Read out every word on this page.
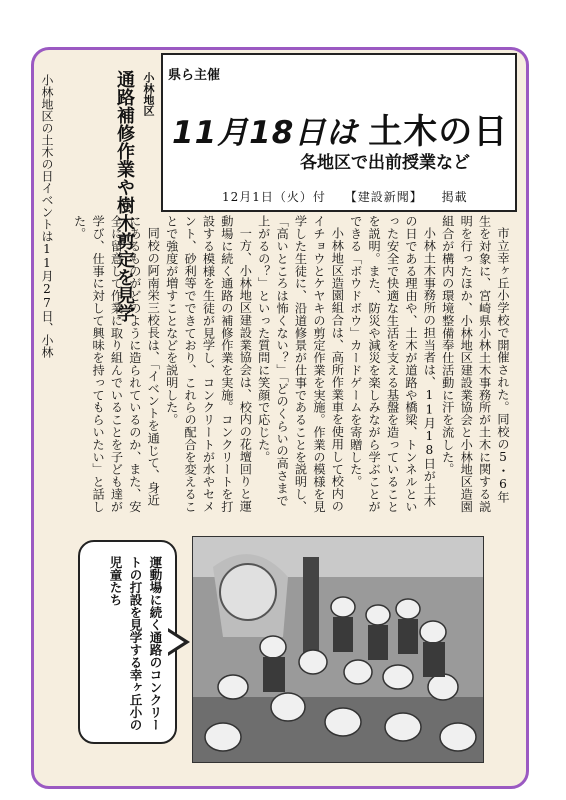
小林地区
通路補修作業や樹木剪定を見学
小林地区の土木の日イベントは11月27日、小林	県ら主催
11月18日は 土木の日
各地区で出前授業など
12月1日（火）付 【建設新聞】 掲載

市立幸ヶ丘小学校で開催された。同校の5・6年生を対象に、宮崎県小林土木事務所が土木に関する説明を行ったほか、小林地区建設業協会と小林地区造園組合が構内の環境整備奉仕活動に汗を流した。

小林土木事務所の担当者は、11月18日が土木の日である理由や、土木が道路や橋梁、トンネルといった安全で快適な生活を支える基盤を造っていることを説明。また、防災や減災を楽しみながら学ぶことができる「ボウドボウ」カードゲームを寄贈した。

小林地区造園組合は、高所作業車を使用して校内のイチョウとケヤキの剪定作業を実施。作業の模様を見学した生徒に、沿道修景が仕事であることを説明し、「高いところは怖くない？」「どのくらいの高さまで上がるの？」といった質問に笑顔で応じた。

一方、小林地区建設業協会は、校内の花壇回りと運動場に続く通路の補修作業を実施。コンクリートを打設する模様を生徒が見学し、コンクリートが水やセメント、砂利等でできており、これらの配合を変えることで強度が増すことなどを説明した。

同校の阿南栄三校長は、「イベントを通じて、身近にあるものがどのように造られているのか、また、安全に留意して作業に取り組んでいることを子ども達が学び、仕事に対して興味を持ってもらいたい」と話した。

運動場に続く通路のコンクリートの打設を見学する幸ヶ丘小の児童たち
